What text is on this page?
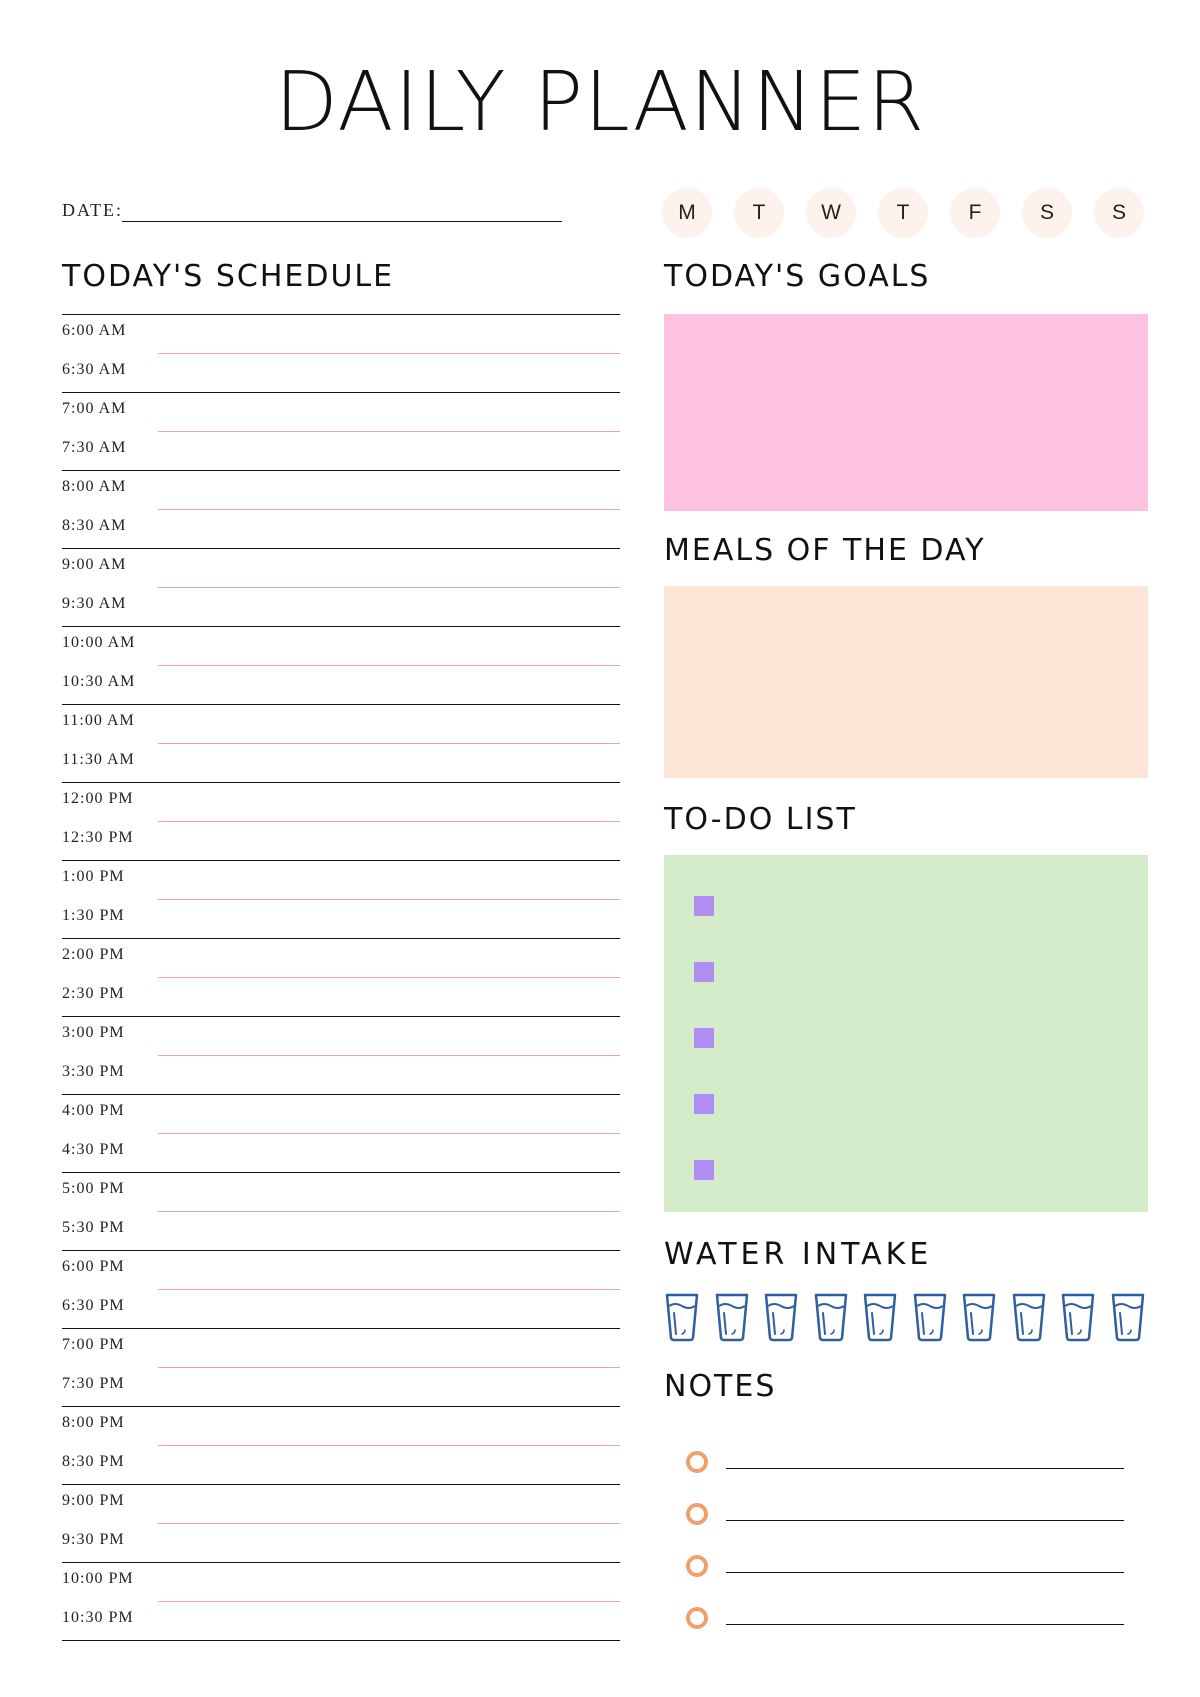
DAILY PLANNER
DATE:	M	T	W	T	F	S	S
TODAY'S SCHEDULE
6:00 AM
6:30 AM
7:00 AM
7:30 AM
8:00 AM
8:30 AM
9:00 AM
9:30 AM
10:00 AM
10:30 AM
11:00 AM
11:30 AM
12:00 PM
12:30 PM
1:00 PM
1:30 PM
2:00 PM
2:30 PM
3:00 PM
3:30 PM
4:00 PM
4:30 PM
5:00 PM
5:30 PM
6:00 PM
6:30 PM
7:00 PM
7:30 PM
8:00 PM
8:30 PM
9:00 PM
9:30 PM
10:00 PM
10:30 PM
TODAY'S GOALS
MEALS OF THE DAY
TO-DO LIST
WATER INTAKE
NOTES
